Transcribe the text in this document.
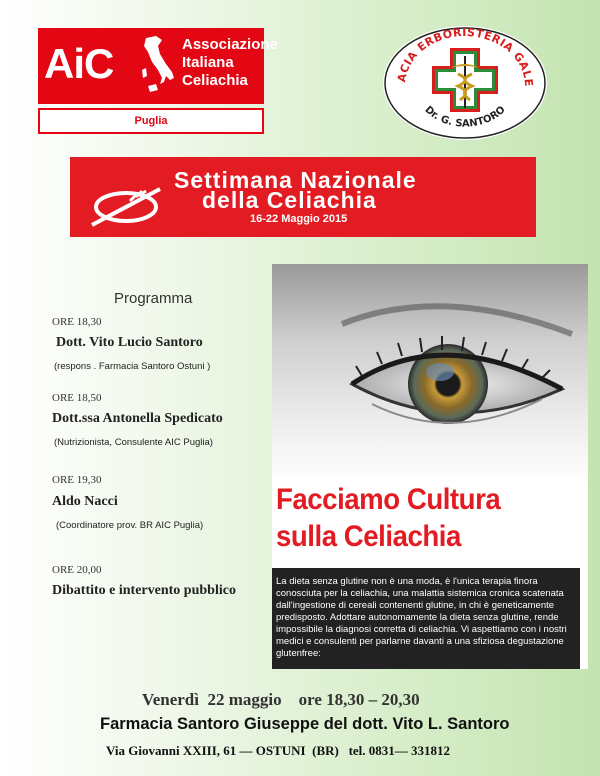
AiC	Associazione
Italiana
Celiachia
Puglia
ACIA ERBORISTERIA GALE
Dr. G. SANTORO
Settimana Nazionale
della Celiachia
16-22 Maggio 2015
Programma
ORE 18,30
Dott. Vito Lucio Santoro
(respons . Farmacia Santoro Ostuni )
ORE 18,50
Dott.ssa Antonella Spedicato
(Nutrizionista, Consulente AIC Puglia)
ORE 19,30
Aldo Nacci
(Coordinatore prov. BR AIC Puglia)
ORE 20,00
Dibattito e intervento pubblico
Facciamo Cultura
sulla Celiachia
La dieta senza glutine non è una moda, è l'unica terapia finora conosciuta per la celiachia, una malattia sistemica cronica scatenata dall'ingestione di cereali contenenti glutine, in chi è geneticamente predisposto. Adottare autonomamente la dieta senza glutine, rende impossibile la diagnosi corretta di celiachia. Vi aspettiamo con i nostri medici e consulenti per parlarne davanti a una sfiziosa degustazione glutenfree:
Venerdì  22 maggio    ore 18,30 – 20,30
Farmacia Santoro Giuseppe del dott. Vito L. Santoro
Via Giovanni XXIII, 61 — OSTUNI  (BR)   tel. 0831— 331812
